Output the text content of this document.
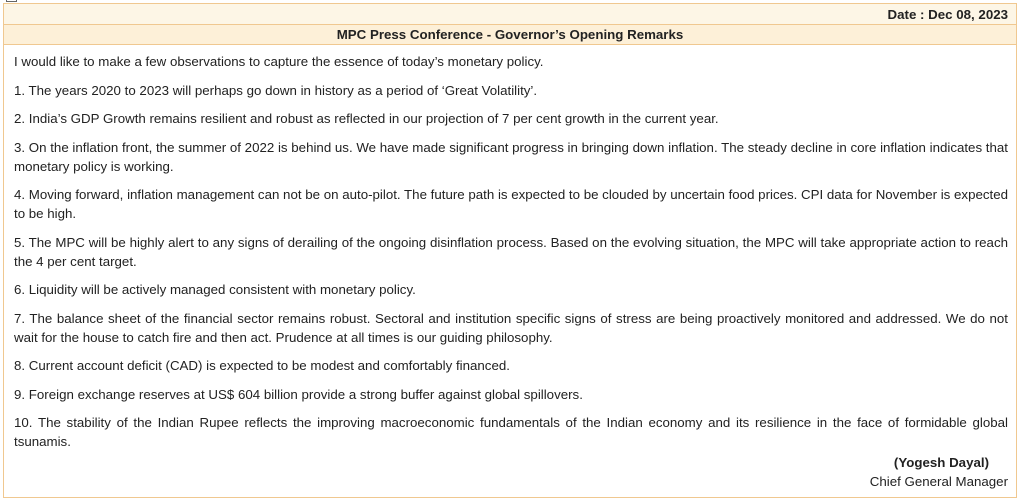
Date : Dec 08, 2023
MPC Press Conference - Governor’s Opening Remarks

I would like to make a few observations to capture the essence of today’s monetary policy.

1. The years 2020 to 2023 will perhaps go down in history as a period of ‘Great Volatility’.

2. India’s GDP Growth remains resilient and robust as reflected in our projection of 7 per cent growth in the current year.

3. On the inflation front, the summer of 2022 is behind us. We have made significant progress in bringing down inflation. The steady decline in core inflation indicates that monetary policy is working.

4. Moving forward, inflation management can not be on auto-pilot. The future path is expected to be clouded by uncertain food prices. CPI data for November is expected to be high.

5. The MPC will be highly alert to any signs of derailing of the ongoing disinflation process. Based on the evolving situation, the MPC will take appropriate action to reach the 4 per cent target.

6. Liquidity will be actively managed consistent with monetary policy.

7. The balance sheet of the financial sector remains robust. Sectoral and institution specific signs of stress are being proactively monitored and addressed. We do not wait for the house to catch fire and then act. Prudence at all times is our guiding philosophy.

8. Current account deficit (CAD) is expected to be modest and comfortably financed.

9. Foreign exchange reserves at US$ 604 billion provide a strong buffer against global spillovers.

10. The stability of the Indian Rupee reflects the improving macroeconomic fundamentals of the Indian economy and its resilience in the face of formidable global tsunamis.

(Yogesh Dayal)
Chief General Manager
